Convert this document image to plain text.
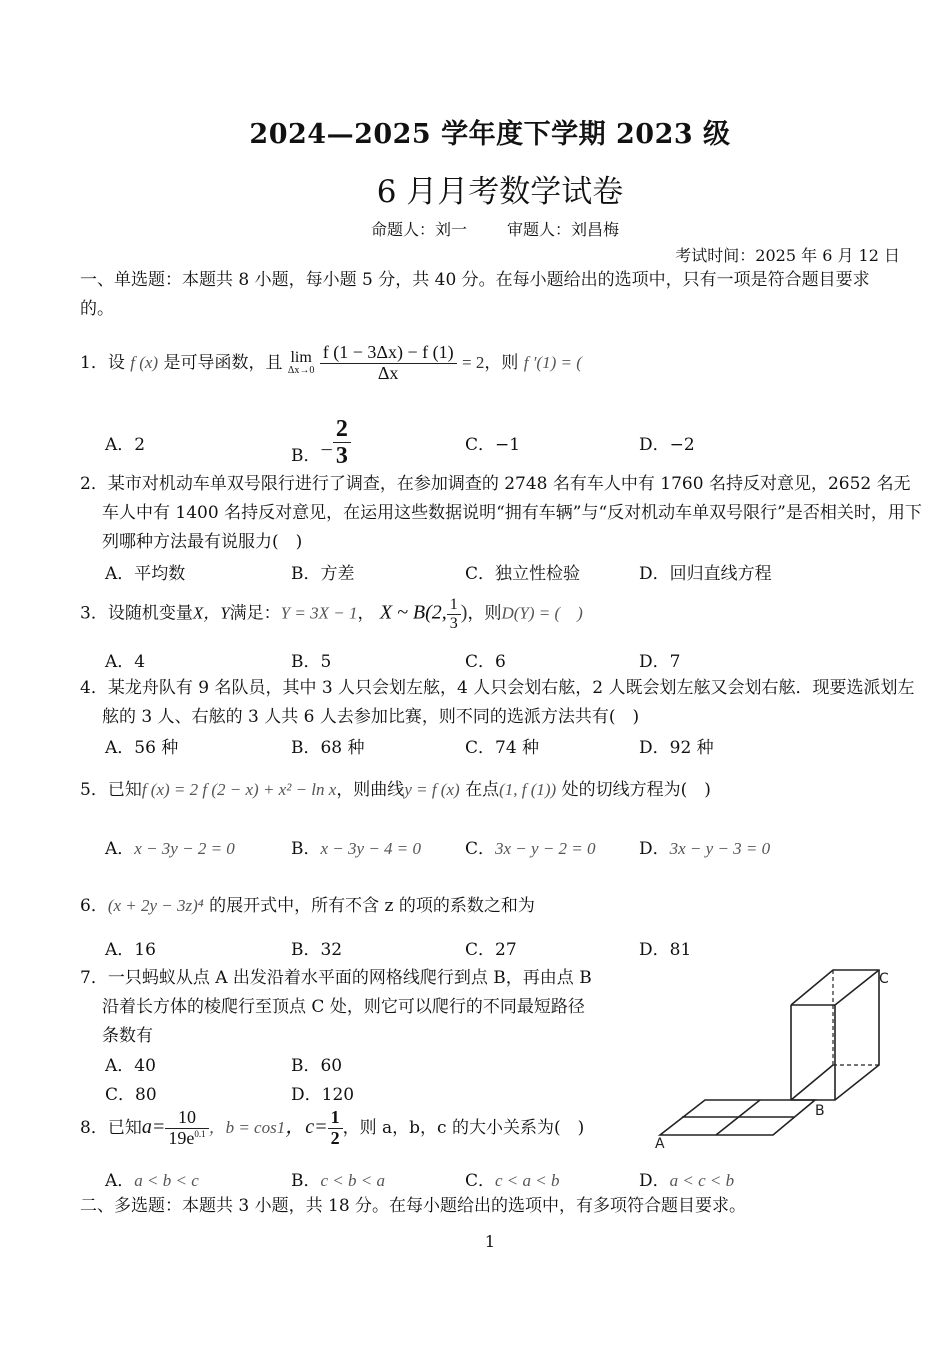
2024—2025 学年度下学期 2023 级
6 月月考数学试卷
命题人：刘一	审题人：刘昌梅
考试时间：2025 年 6 月 12 日
一、单选题：本题共 8 小题，每小题 5 分，共 40 分。在每小题给出的选项中，只有一项是符合题目要求的。
1．设 f (x) 是可导函数，且 lim
Δx→0
$\frac{f (1 - 3\Delta x) - f (1)}{\Delta x} = 2$，则 f ′(1) = (
A．2
B．− $\frac{2}{3}$	C．−1	D．−2
2．某市对机动车单双号限行进行了调查，在参加调查的 2748 名有车人中有 1760 名持反对意见，2652 名无车人中有 1400 名持反对意见，在运用这些数据说明“拥有车辆”与“反对机动车单双号限行”是否相关时，用下列哪种方法最有说服力(　)
A．平均数	B．方差	C．独立性检验	D．回归直线方程
3．设随机变量X，Y满足：Y = 3X − 1， X ~ B(2, $\frac{1}{3}$ )，则D(Y) = (　)
A．4	B．5	C．6	D．7
4．某龙舟队有 9 名队员，其中 3 人只会划左舷，4 人只会划右舷，2 人既会划左舷又会划右舷．现要选派划左舷的 3 人、右舷的 3 人共 6 人去参加比赛，则不同的选派方法共有(　)
A．56 种	B．68 种	C．74 种	D．92 种
5．已知f (x) = 2 f (2 − x) + x² − ln x，则曲线y = f (x) 在点(1, f (1)) 处的切线方程为(　)
A．x − 3y − 2 = 0	B．x − 3y − 4 = 0	C．3x − y − 2 = 0	D．3x − y − 3 = 0
6．(x + 2y − 3z)⁴ 的展开式中，所有不含 z 的项的系数之和为
A．16	B．32	C．27	D．81
7．一只蚂蚁从点 A 出发沿着水平面的网格线爬行到点 B，再由点 B
沿着长方体的棱爬行至顶点 C 处，则它可以爬行的不同最短路径
条数有
A．40	B．60
C．80	D．120
A
B
C
8．已知$a= \frac{10}{19e^{0.1}}$ ，b = cos1，$c= \frac{1}{2}$ ，则 a，b，c 的大小关系为(　)
A．a < b < c	B．c < b < a	C．c < a < b	D．a < c < b
二、多选题：本题共 3 小题，共 18 分。在每小题给出的选项中，有多项符合题目要求。
1
